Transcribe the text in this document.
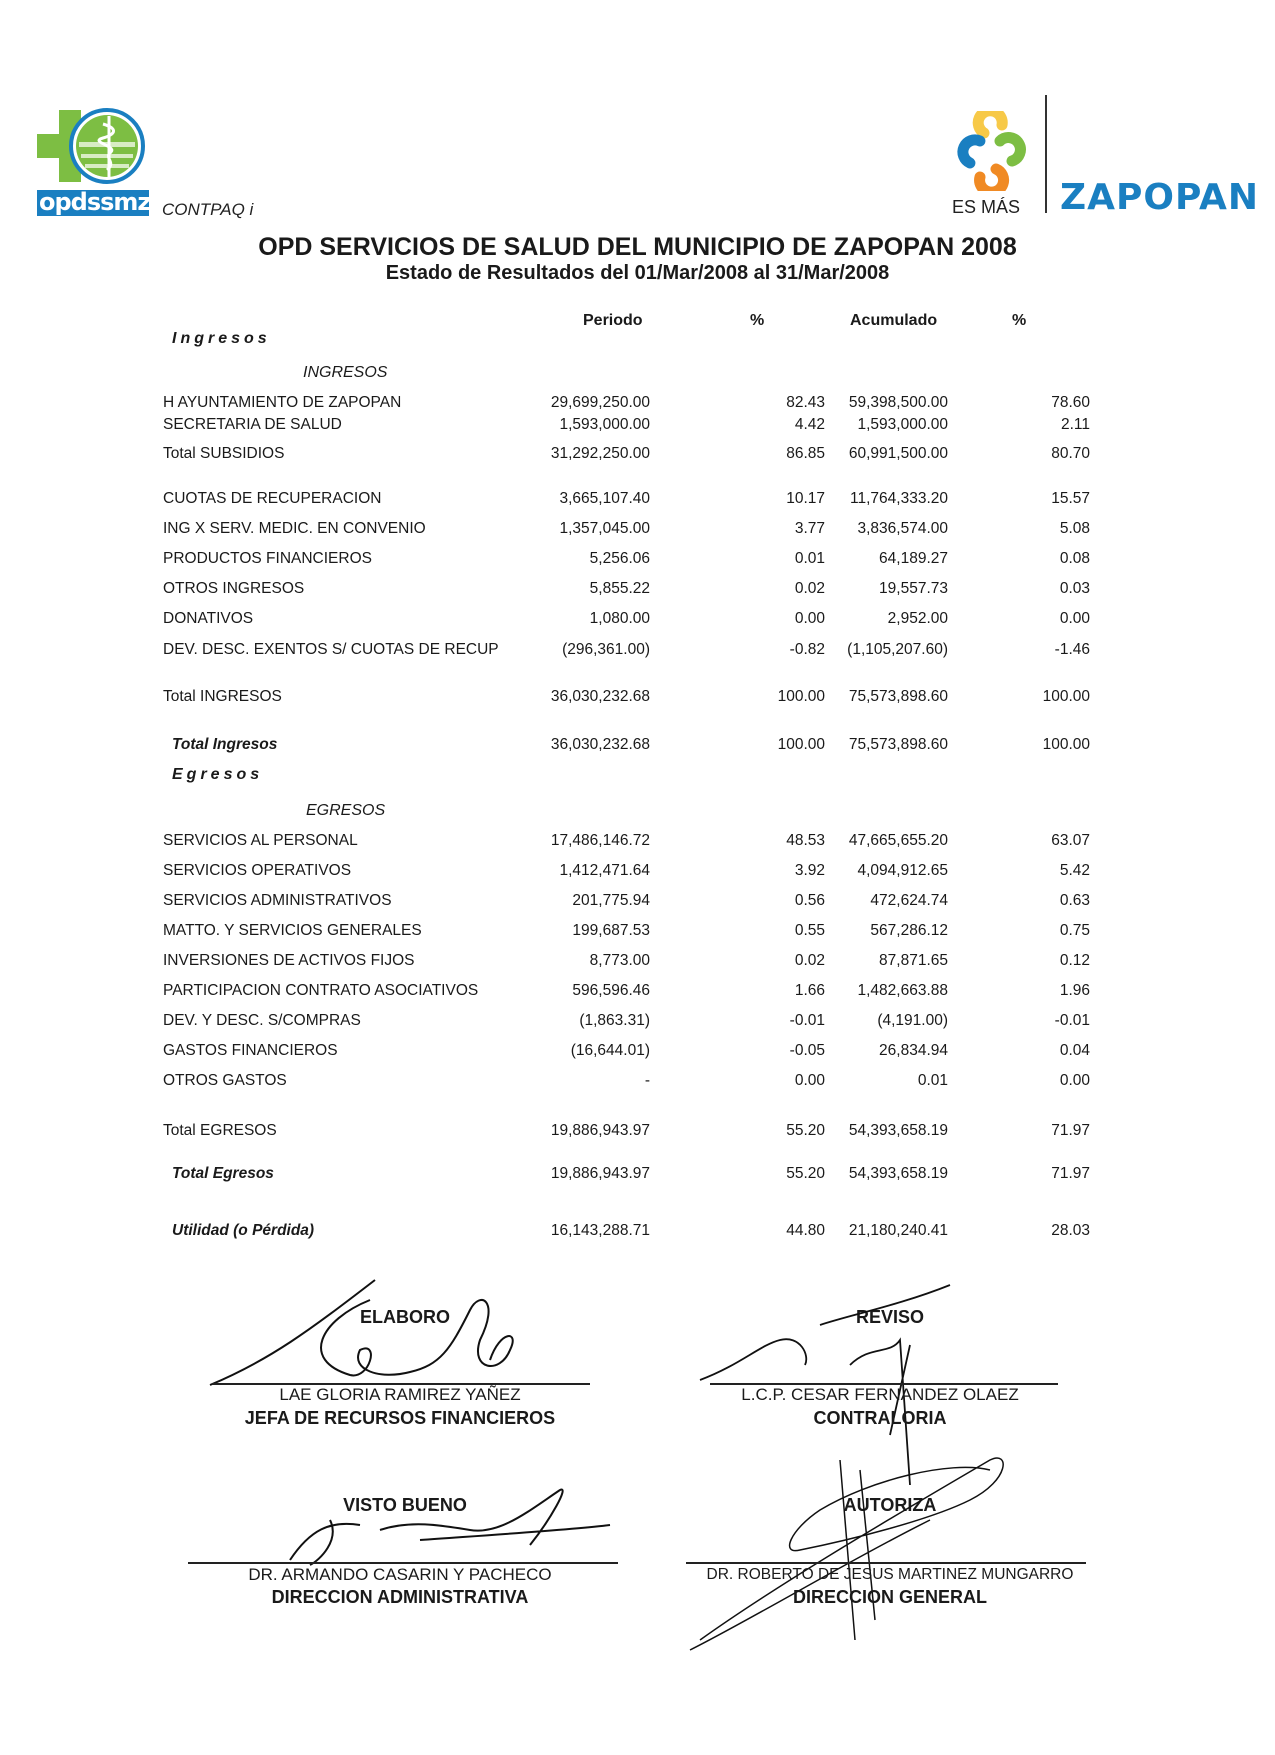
opdssmz CONTPAQ i	ES MÁS ZAPOPAN
OPD SERVICIOS DE SALUD DEL MUNICIPIO DE ZAPOPAN 2008
Estado de Resultados del 01/Mar/2008 al 31/Mar/2008
Periodo	%	Acumulado	%
Ingresos
INGRESOS
H AYUNTAMIENTO DE ZAPOPAN	29,699,250.00	82.43 59,398,500.00	78.60
SECRETARIA DE SALUD	1,593,000.00	4.42 1,593,000.00	2.11
Total SUBSIDIOS	31,292,250.00	86.85 60,991,500.00	80.70
CUOTAS DE RECUPERACION	3,665,107.40	10.17 11,764,333.20	15.57
ING X SERV. MEDIC. EN CONVENIO	1,357,045.00	3.77 3,836,574.00	5.08
PRODUCTOS FINANCIEROS	5,256.06	0.01	64,189.27	0.08
OTROS INGRESOS	5,855.22	0.02	19,557.73	0.03
DONATIVOS	1,080.00	0.00	2,952.00	0.00
DEV. DESC. EXENTOS S/ CUOTAS DE RECUP	(296,361.00)	-0.82 (1,105,207.60)	-1.46
Total INGRESOS	36,030,232.68	100.00 75,573,898.60	100.00
Total Ingresos	36,030,232.68	100.00 75,573,898.60	100.00
Egresos
EGRESOS
SERVICIOS AL PERSONAL	17,486,146.72	48.53 47,665,655.20	63.07
SERVICIOS OPERATIVOS	1,412,471.64	3.92 4,094,912.65	5.42
SERVICIOS ADMINISTRATIVOS	201,775.94	0.56	472,624.74	0.63
MATTO. Y SERVICIOS GENERALES	199,687.53	0.55	567,286.12	0.75
INVERSIONES DE ACTIVOS FIJOS	8,773.00	0.02	87,871.65	0.12
PARTICIPACION CONTRATO ASOCIATIVOS	596,596.46	1.66 1,482,663.88	1.96
DEV. Y DESC. S/COMPRAS	(1,863.31)	-0.01	(4,191.00)	-0.01
GASTOS FINANCIEROS	(16,644.01)	-0.05	26,834.94	0.04
OTROS GASTOS	-	0.00	0.01	0.00
Total EGRESOS	19,886,943.97	55.20 54,393,658.19	71.97
Total Egresos	19,886,943.97	55.20 54,393,658.19	71.97
Utilidad (o Pérdida)	16,143,288.71	44.80 21,180,240.41	28.03
ELABORO
LAE GLORIA RAMIREZ YAÑEZ
JEFA DE RECURSOS FINANCIEROS
REVISO
L.C.P. CESAR FERNANDEZ OLAEZ
CONTRALORIA
VISTO BUENO
DR. ARMANDO CASARIN Y PACHECO
DIRECCION ADMINISTRATIVA
AUTORIZA
DR. ROBERTO DE JESUS MARTINEZ MUNGARRO
DIRECCION GENERAL
